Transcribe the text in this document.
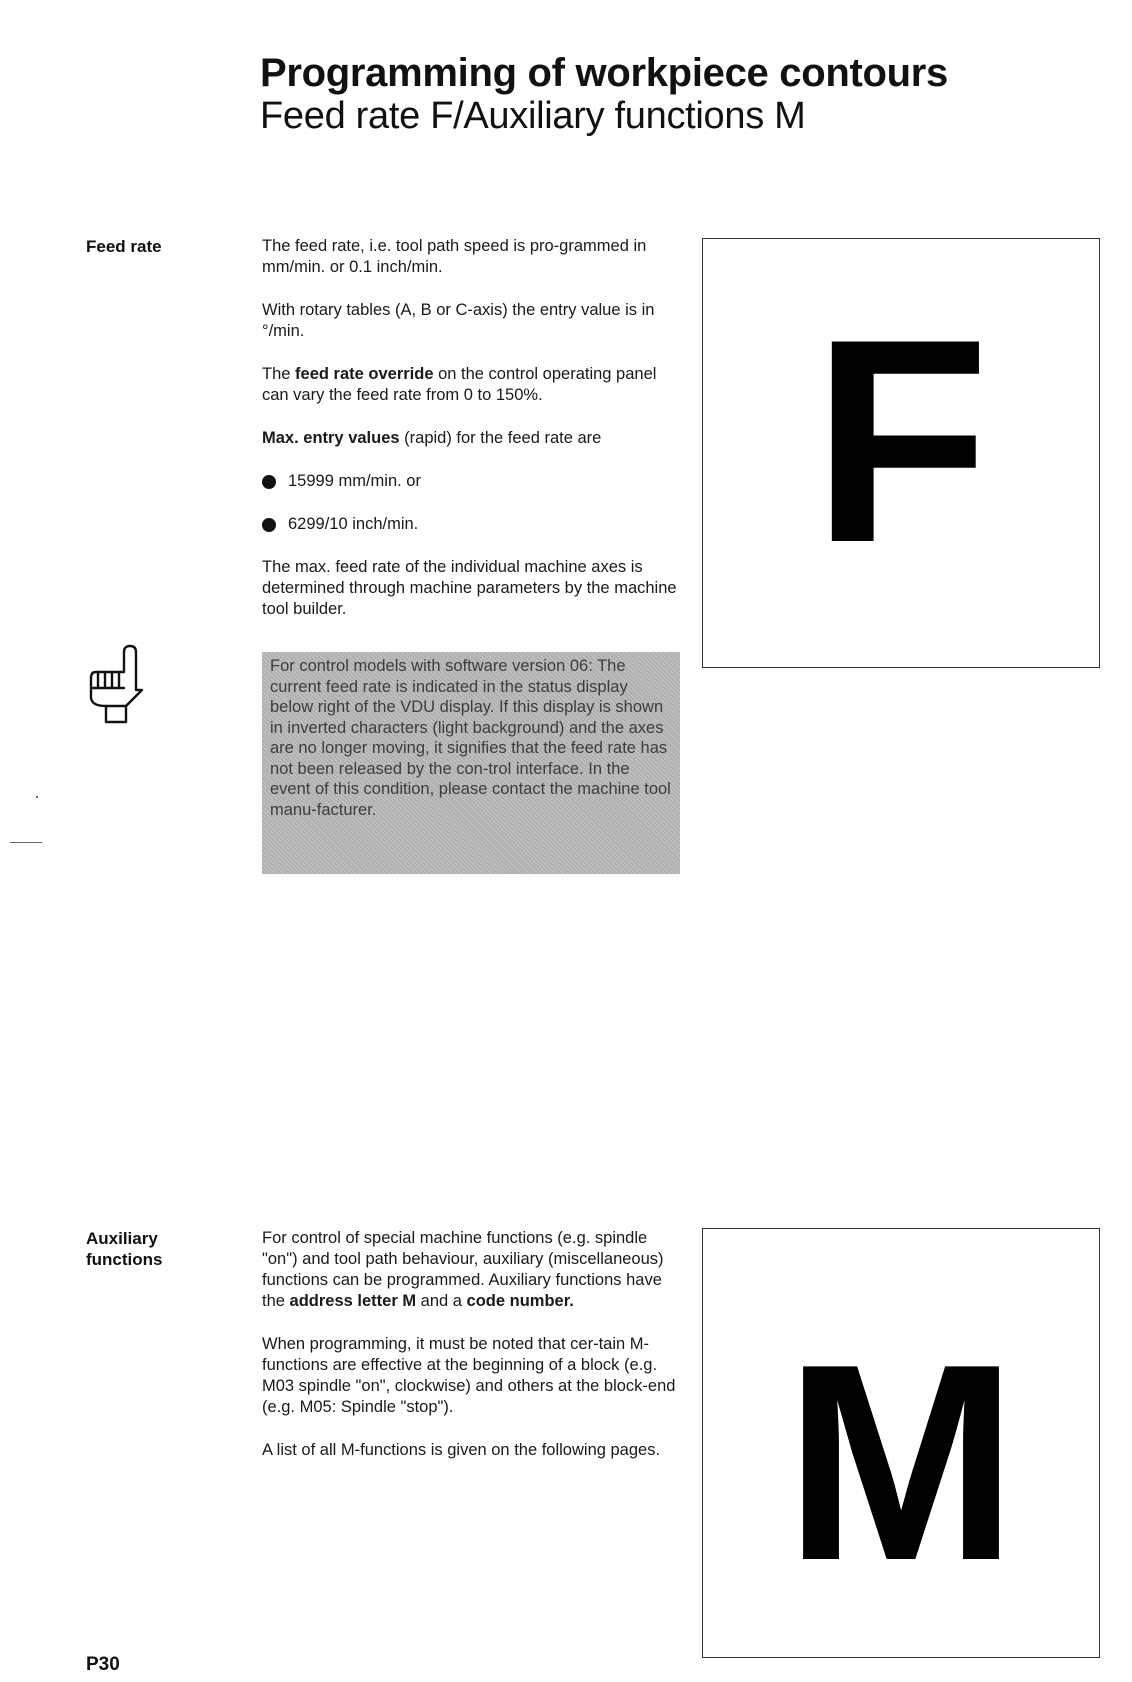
Programming of workpiece contours
Feed rate F/Auxiliary functions M
Feed rate	The feed rate, i.e. tool path speed is pro-grammed in mm/min. or 0.1 inch/min.

With rotary tables (A, B or C-axis) the entry value is in °/min.

The feed rate override on the control operating panel can vary the feed rate from 0 to 150%.

Max. entry values (rapid) for the feed rate are

15999 mm/min. or
6299/10 inch/min.

The max. feed rate of the individual machine axes is determined through machine parameters by the machine tool builder.

F
For control models with software version 06: The current feed rate is indicated in the status display below right of the VDU display. If this display is shown in inverted characters (light background) and the axes are no longer moving, it signifies that the feed rate has not been released by the con-trol interface. In the event of this condition, please contact the machine tool manu-facturer.
Auxiliary
functions

For control of special machine functions (e.g. spindle "on") and tool path behaviour, auxiliary (miscellaneous) functions can be programmed. Auxiliary functions have the address letter M and a code number.

When programming, it must be noted that cer-tain M-functions are effective at the beginning of a block (e.g. M03 spindle "on", clockwise) and others at the block-end (e.g. M05: Spindle "stop").

A list of all M-functions is given on the following pages. M
P30
